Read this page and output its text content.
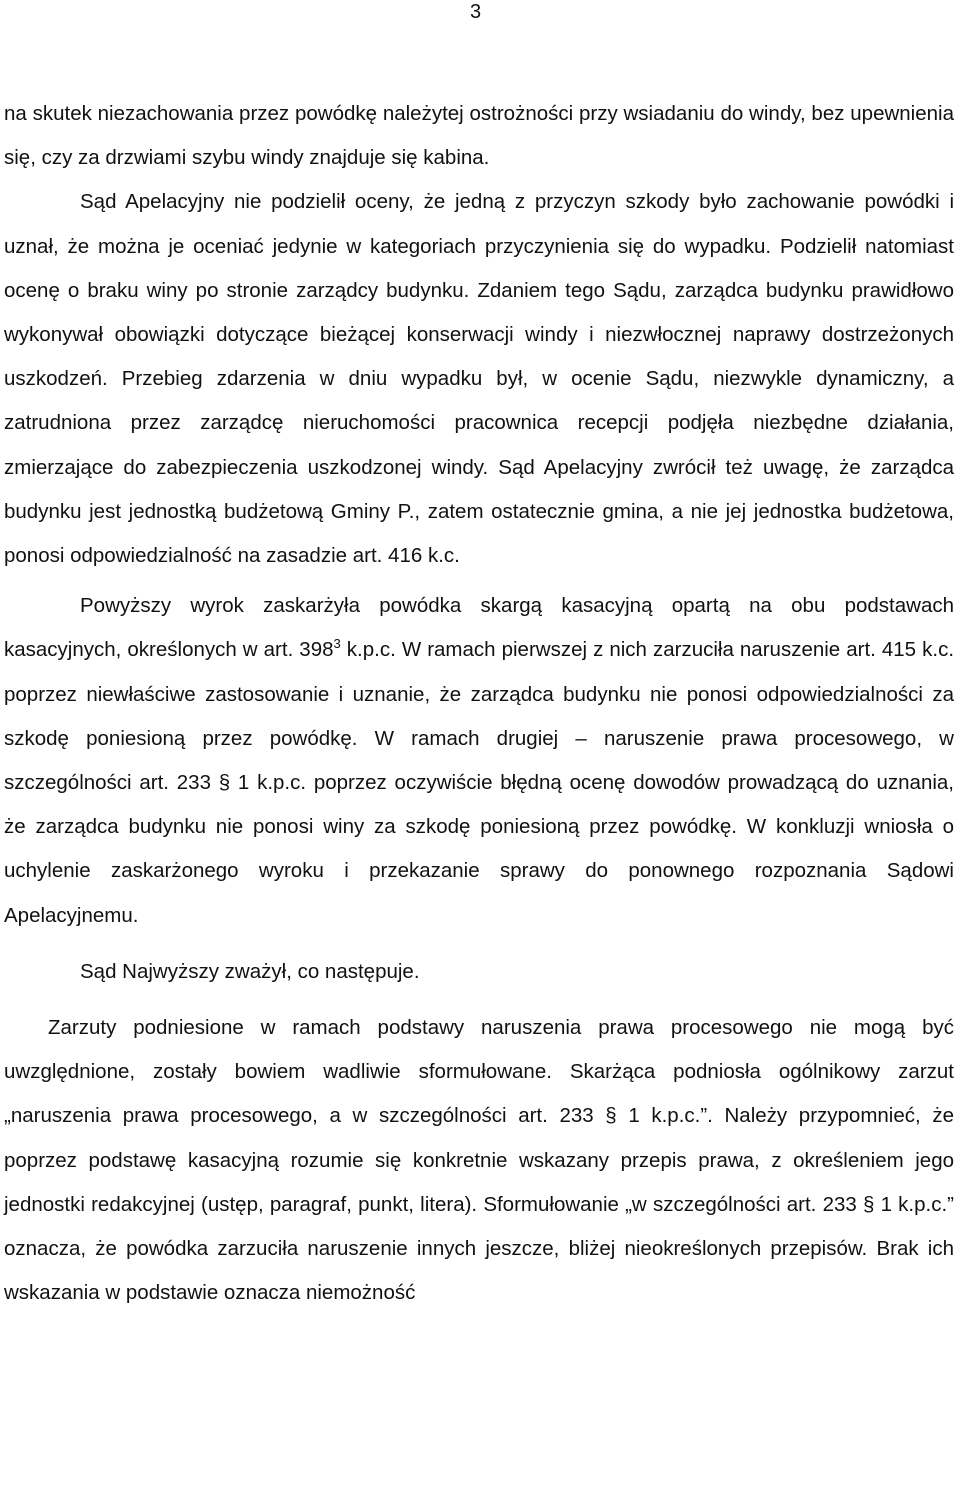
3

na skutek niezachowania przez powódkę należytej ostrożności przy wsiadaniu do windy, bez upewnienia się, czy za drzwiami szybu windy znajduje się kabina.

Sąd Apelacyjny nie podzielił oceny, że jedną z przyczyn szkody było zachowanie powódki i uznał, że można je oceniać jedynie w kategoriach przyczynienia się do wypadku. Podzielił natomiast ocenę o braku winy po stronie zarządcy budynku. Zdaniem tego Sądu, zarządca budynku prawidłowo wykonywał obowiązki dotyczące bieżącej konserwacji windy i niezwłocznej naprawy dostrzeżonych uszkodzeń. Przebieg zdarzenia w dniu wypadku był, w ocenie Sądu, niezwykle dynamiczny, a zatrudniona przez zarządcę nieruchomości pracownica recepcji podjęła niezbędne działania, zmierzające do zabezpieczenia uszkodzonej windy. Sąd Apelacyjny zwrócił też uwagę, że zarządca budynku jest jednostką budżetową Gminy P., zatem ostatecznie gmina, a nie jej jednostka budżetowa, ponosi odpowiedzialność na zasadzie art. 416 k.c.

Powyższy wyrok zaskarżyła powódka skargą kasacyjną opartą na obu podstawach kasacyjnych, określonych w art. $398^3$ k.p.c. W ramach pierwszej z nich zarzuciła naruszenie art. 415 k.c. poprzez niewłaściwe zastosowanie i uznanie, że zarządca budynku nie ponosi odpowiedzialności za szkodę poniesioną przez powódkę. W ramach drugiej – naruszenie prawa procesowego, w szczególności art. 233 § 1 k.p.c. poprzez oczywiście błędną ocenę dowodów prowadzącą do uznania, że zarządca budynku nie ponosi winy za szkodę poniesioną przez powódkę. W konkluzji wniosła o uchylenie zaskarżonego wyroku i przekazanie sprawy do ponownego rozpoznania Sądowi Apelacyjnemu.

Sąd Najwyższy zważył, co następuje.

Zarzuty podniesione w ramach podstawy naruszenia prawa procesowego nie mogą być uwzględnione, zostały bowiem wadliwie sformułowane. Skarżąca podniosła ogólnikowy zarzut „naruszenia prawa procesowego, a w szczególności art. 233 § 1 k.p.c.”. Należy przypomnieć, że poprzez podstawę kasacyjną rozumie się konkretnie wskazany przepis prawa, z określeniem jego jednostki redakcyjnej (ustęp, paragraf, punkt, litera). Sformułowanie „w szczególności art. 233 § 1 k.p.c.” oznacza, że powódka zarzuciła naruszenie innych jeszcze, bliżej nieokreślonych przepisów. Brak ich wskazania w podstawie oznacza niemożność
